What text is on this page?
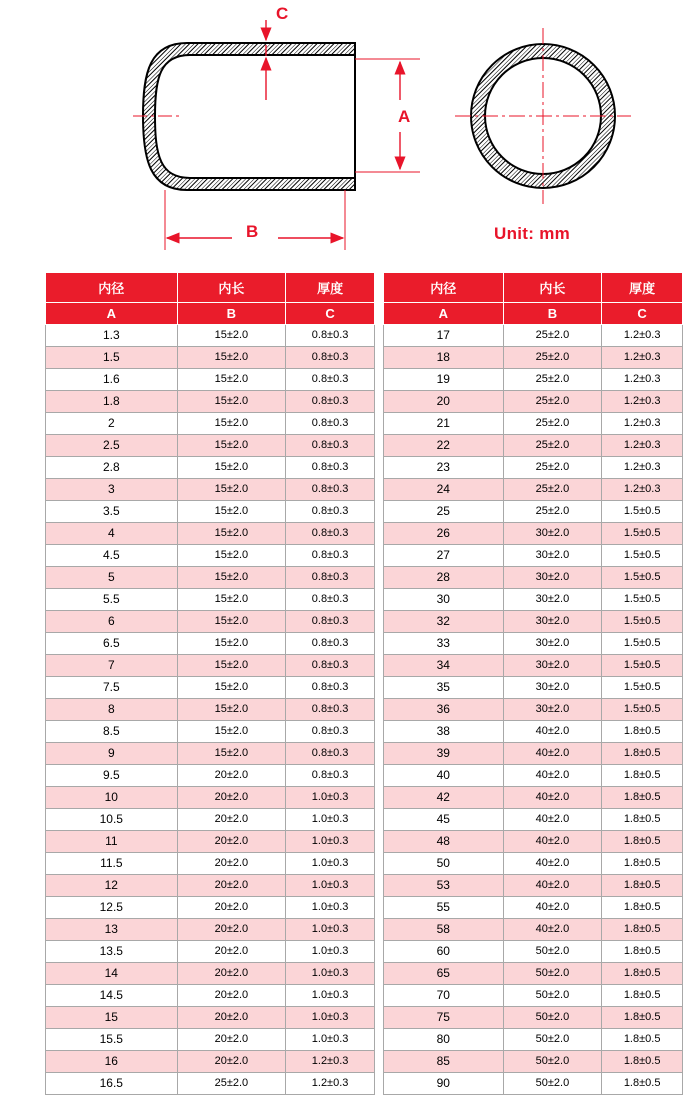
A
B
C
Unit: mm
内径	内长	厚度
A	B	C
1.3	15±2.0	0.8±0.3
1.5	15±2.0	0.8±0.3
1.6	15±2.0	0.8±0.3
1.8	15±2.0	0.8±0.3
2	15±2.0	0.8±0.3
2.5	15±2.0	0.8±0.3
2.8	15±2.0	0.8±0.3
3	15±2.0	0.8±0.3
3.5	15±2.0	0.8±0.3
4	15±2.0	0.8±0.3
4.5	15±2.0	0.8±0.3
5	15±2.0	0.8±0.3
5.5	15±2.0	0.8±0.3
6	15±2.0	0.8±0.3
6.5	15±2.0	0.8±0.3
7	15±2.0	0.8±0.3
7.5	15±2.0	0.8±0.3
8	15±2.0	0.8±0.3
8.5	15±2.0	0.8±0.3
9	15±2.0	0.8±0.3
9.5	20±2.0	0.8±0.3
10	20±2.0	1.0±0.3
10.5	20±2.0	1.0±0.3
11	20±2.0	1.0±0.3
11.5	20±2.0	1.0±0.3
12	20±2.0	1.0±0.3
12.5	20±2.0	1.0±0.3
13	20±2.0	1.0±0.3
13.5	20±2.0	1.0±0.3
14	20±2.0	1.0±0.3
14.5	20±2.0	1.0±0.3
15	20±2.0	1.0±0.3
15.5	20±2.0	1.0±0.3
16	20±2.0	1.2±0.3
16.5	25±2.0	1.2±0.3
内径	内长	厚度
A	B	C
17	25±2.0	1.2±0.3
18	25±2.0	1.2±0.3
19	25±2.0	1.2±0.3
20	25±2.0	1.2±0.3
21	25±2.0	1.2±0.3
22	25±2.0	1.2±0.3
23	25±2.0	1.2±0.3
24	25±2.0	1.2±0.3
25	25±2.0	1.5±0.5
26	30±2.0	1.5±0.5
27	30±2.0	1.5±0.5
28	30±2.0	1.5±0.5
30	30±2.0	1.5±0.5
32	30±2.0	1.5±0.5
33	30±2.0	1.5±0.5
34	30±2.0	1.5±0.5
35	30±2.0	1.5±0.5
36	30±2.0	1.5±0.5
38	40±2.0	1.8±0.5
39	40±2.0	1.8±0.5
40	40±2.0	1.8±0.5
42	40±2.0	1.8±0.5
45	40±2.0	1.8±0.5
48	40±2.0	1.8±0.5
50	40±2.0	1.8±0.5
53	40±2.0	1.8±0.5
55	40±2.0	1.8±0.5
58	40±2.0	1.8±0.5
60	50±2.0	1.8±0.5
65	50±2.0	1.8±0.5
70	50±2.0	1.8±0.5
75	50±2.0	1.8±0.5
80	50±2.0	1.8±0.5
85	50±2.0	1.8±0.5
90	50±2.0	1.8±0.5
